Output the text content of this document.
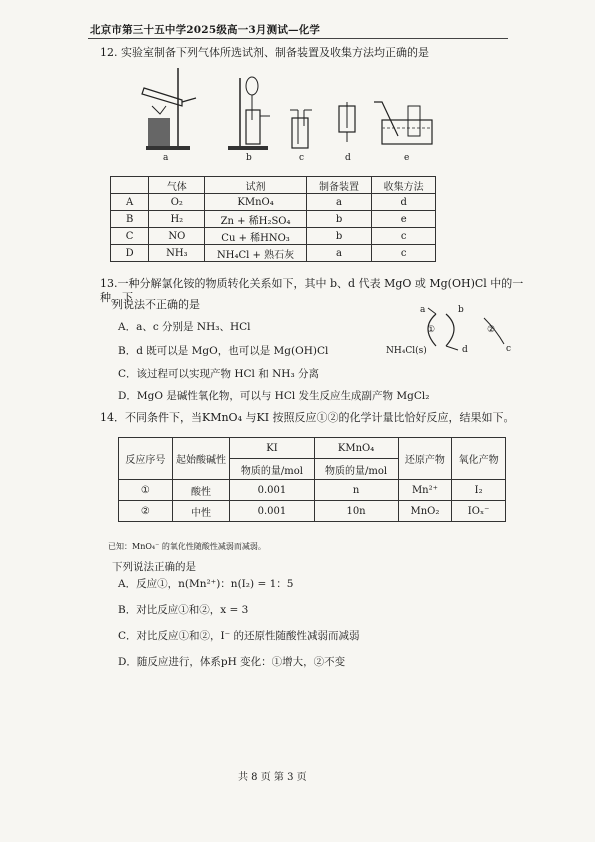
北京市第三十五中学2025级高一3月测试—化学
12. 实验室制备下列气体所选试剂、制备装置及收集方法均正确的是
a	b	c	d	e
	气体	试剂	制备装置	收集方法
A	O₂	KMnO₄	a	d
B	H₂	Zn + 稀H₂SO₄	b	e
C	NO	Cu + 稀HNO₃	b	c
D	NH₃	NH₄Cl + 熟石灰	a	c
13.一种分解氯化铵的物质转化关系如下，其中 b、d 代表 MgO 或 Mg(OH)Cl 中的一种。下
列说法不正确的是
A．a、c 分别是 NH₃、HCl
B．d 既可以是 MgO，也可以是 Mg(OH)Cl
C．该过程可以实现产物 HCl 和 NH₃ 分离
D．MgO 是碱性氧化物，可以与 HCl 发生反应生成副产物 MgCl₂
a	b
c
d
NH₄Cl(s)
①	②
14．不同条件下，当KMnO₄ 与KI 按照反应①②的化学计量比恰好反应，结果如下。
反应序号	起始酸碱性	KI	KMnO₄	还原产物	氧化产物
		物质的量/mol	物质的量/mol		
①	酸性	0.001	n	Mn²⁺	I₂
②	中性	0.001	10n	MnO₂	IOₓ⁻
已知：MnO₄⁻ 的氧化性随酸性减弱而减弱。
下列说法正确的是
A．反应①，n(Mn²⁺)：n(I₂) = 1：5
B．对比反应①和②，x = 3
C．对比反应①和②，I⁻ 的还原性随酸性减弱而减弱
D．随反应进行，体系pH 变化：①增大，②不变
共 8 页 第 3 页
